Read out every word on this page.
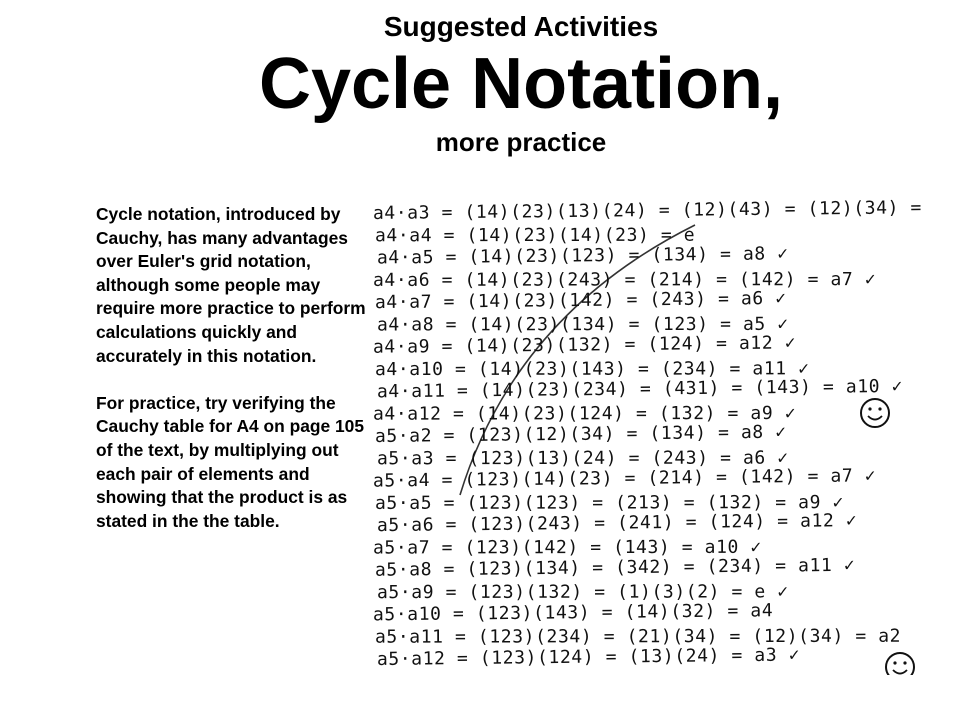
Suggested Activities
Cycle Notation,
more practice

Cycle notation, introduced by Cauchy, has many advantages over Euler's grid notation, although some people may require more practice to perform calculations quickly and accurately in this notation.

For practice, try verifying the Cauchy table for A4 on page 105 of the text, by multiplying out each pair of elements and showing that the product is as stated in the the table.

a4·a3 = (14)(23)(13)(24) = (12)(43) = (12)(34) =
a4·a4 = (14)(23)(14)(23) = e
a4·a5 = (14)(23)(123) = (134) = a8 ✓
a4·a6 = (14)(23)(243) = (214) = (142) = a7 ✓
a4·a7 = (14)(23)(142) = (243) = a6 ✓
a4·a8 = (14)(23)(134) = (123) = a5 ✓
a4·a9 = (14)(23)(132) = (124) = a12 ✓
a4·a10 = (14)(23)(143) = (234) = a11 ✓
a4·a11 = (14)(23)(234) = (431) = (143) = a10 ✓
a4·a12 = (14)(23)(124) = (132) = a9 ✓
a5·a2 = (123)(12)(34) = (134) = a8 ✓
a5·a3 = (123)(13)(24) = (243) = a6 ✓
a5·a4 = (123)(14)(23) = (214) = (142) = a7 ✓
a5·a5 = (123)(123) = (213) = (132) = a9 ✓
a5·a6 = (123)(243) = (241) = (124) = a12 ✓
a5·a7 = (123)(142) = (143) = a10 ✓
a5·a8 = (123)(134) = (342) = (234) = a11 ✓
a5·a9 = (123)(132) = (1)(3)(2) = e ✓
a5·a10 = (123)(143) = (14)(32) = a4
a5·a11 = (123)(234) = (21)(34) = (12)(34) = a2
a5·a12 = (123)(124) = (13)(24) = a3 ✓
